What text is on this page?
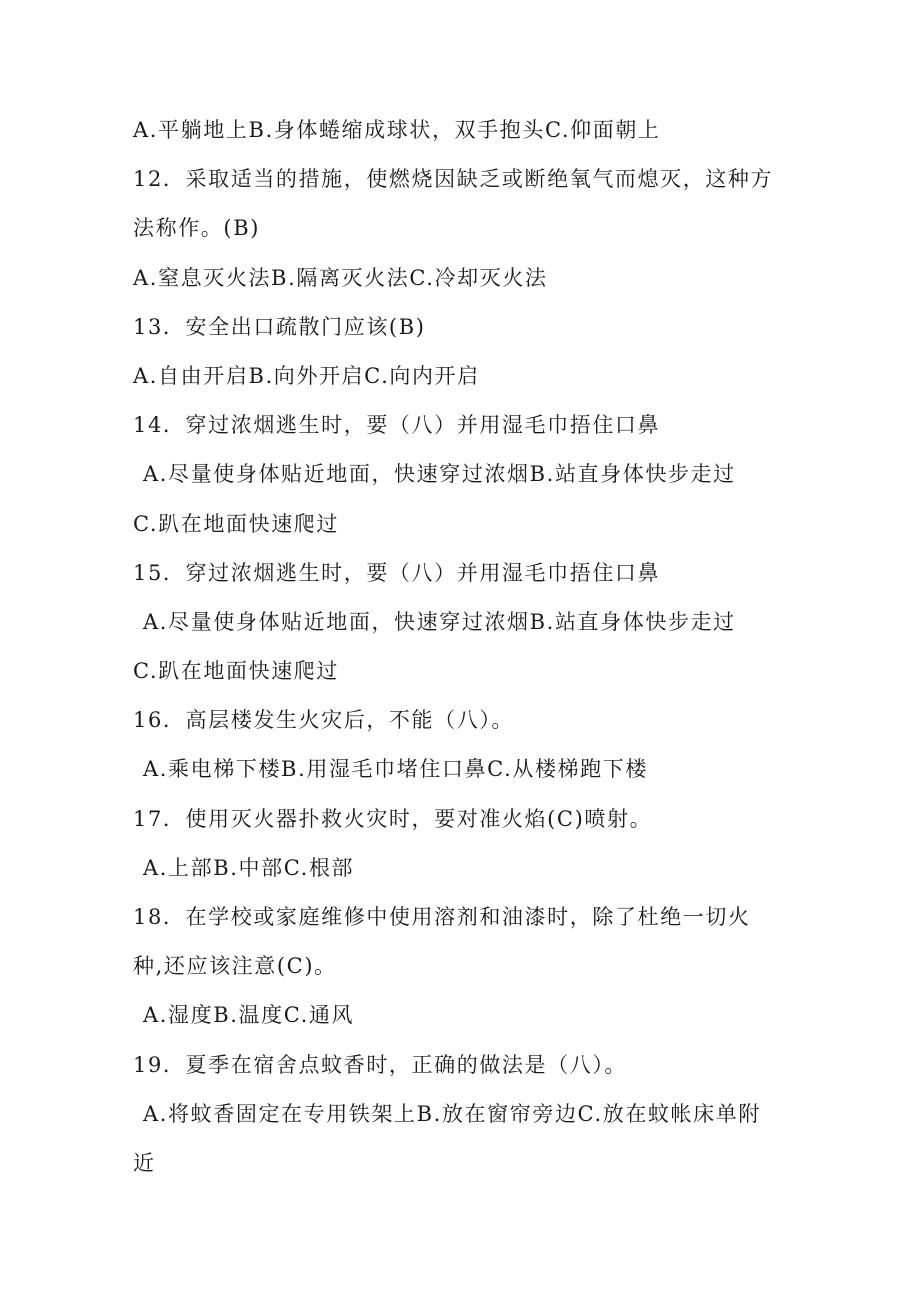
A.平躺地上B.身体蜷缩成球状，双手抱头C.仰面朝上
12．采取适当的措施，使燃烧因缺乏或断绝氧气而熄灭，这种方
法称作。(B)
A.窒息灭火法B.隔离灭火法C.冷却灭火法
13．安全出口疏散门应该(B)
A.自由开启B.向外开启C.向内开启
14．穿过浓烟逃生时，要（八）并用湿毛巾捂住口鼻
A.尽量使身体贴近地面，快速穿过浓烟B.站直身体快步走过
C.趴在地面快速爬过
15．穿过浓烟逃生时，要（八）并用湿毛巾捂住口鼻
A.尽量使身体贴近地面，快速穿过浓烟B.站直身体快步走过
C.趴在地面快速爬过
16．高层楼发生火灾后，不能（八）。
A.乘电梯下楼B.用湿毛巾堵住口鼻C.从楼梯跑下楼
17．使用灭火器扑救火灾时，要对准火焰(C)喷射。
A.上部B.中部C.根部
18．在学校或家庭维修中使用溶剂和油漆时，除了杜绝一切火
种,还应该注意(C)。
A.湿度B.温度C.通风
19．夏季在宿舍点蚊香时，正确的做法是（八）。
A.将蚊香固定在专用铁架上B.放在窗帘旁边C.放在蚊帐床单附
近
